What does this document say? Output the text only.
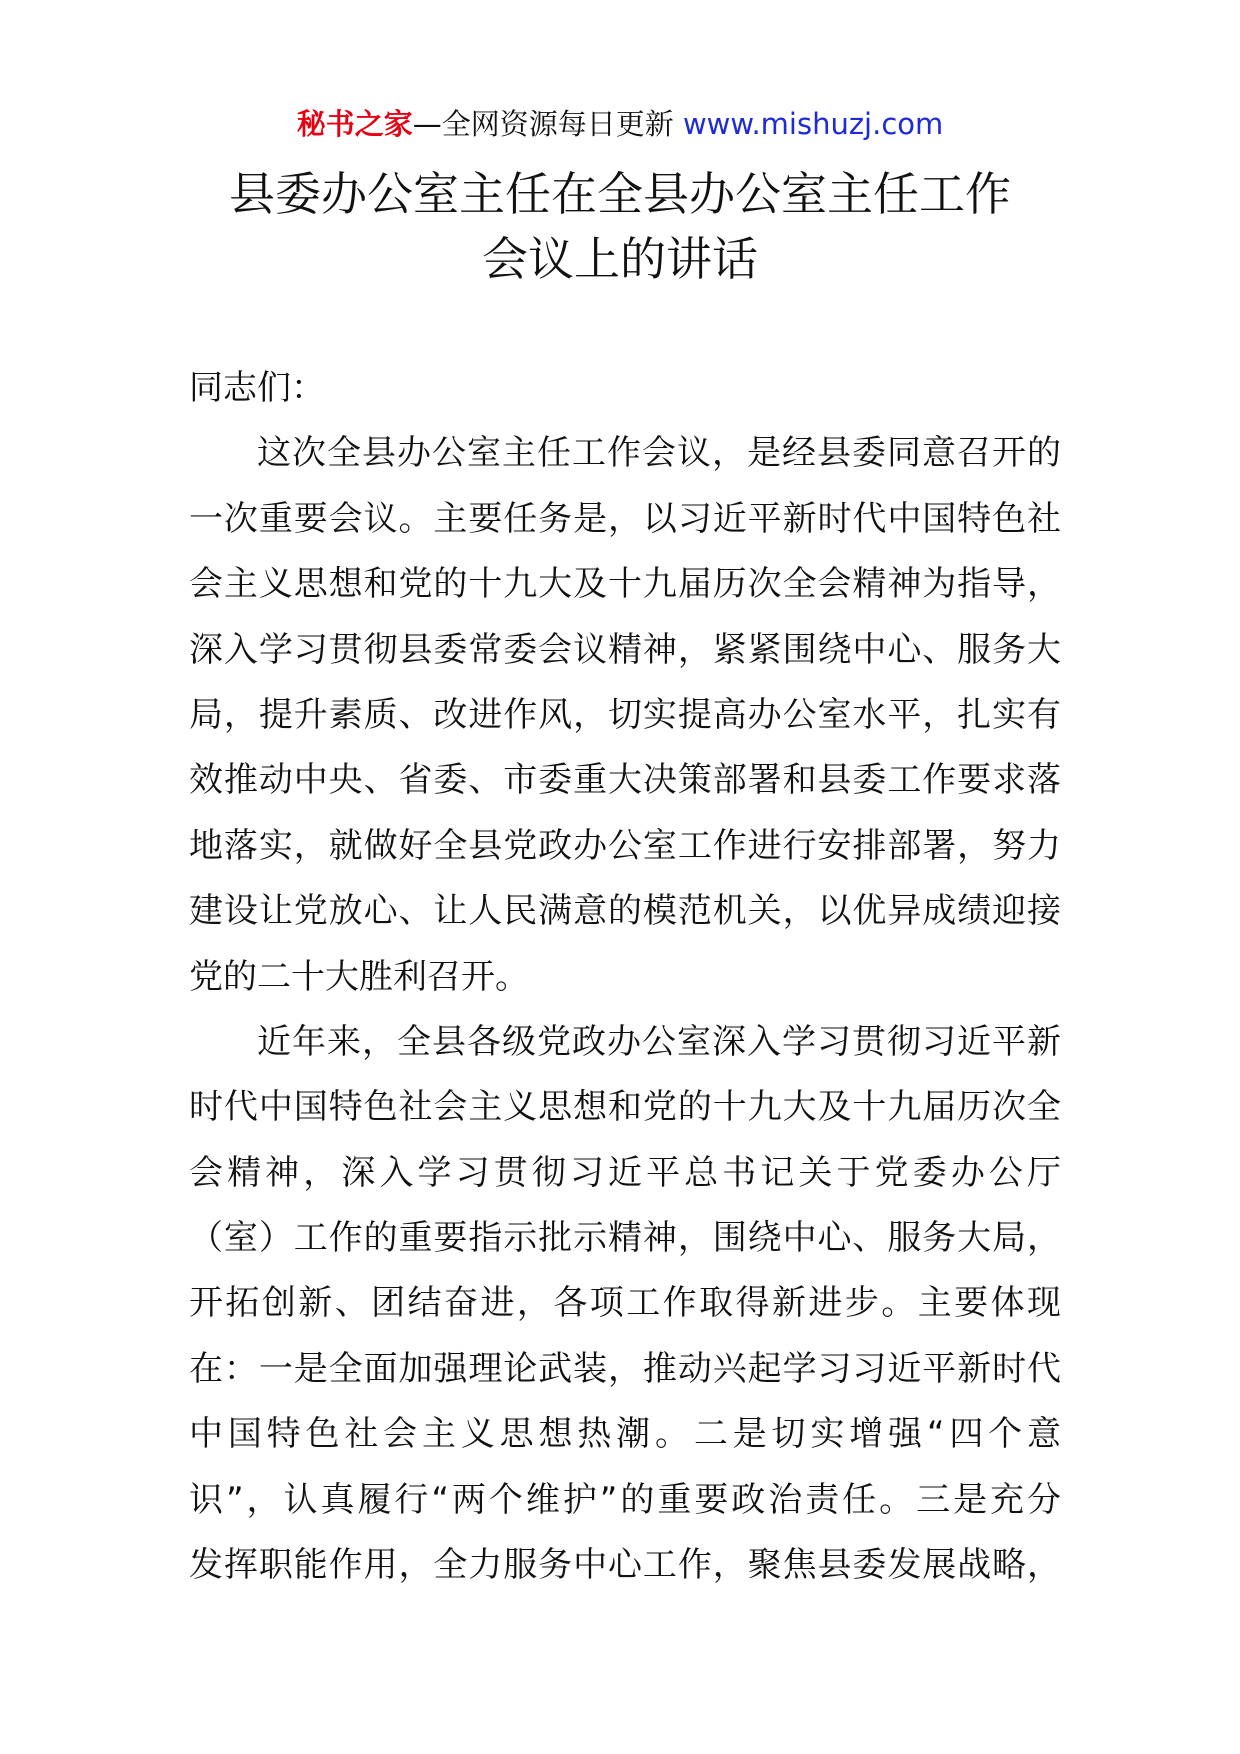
秘书之家—全网资源每日更新 www.mishuzj.com
县委办公室主任在全县办公室主任工作
会议上的讲话
同志们：
这次全县办公室主任工作会议，是经县委同意召开的
一次重要会议。主要任务是，以习近平新时代中国特色社
会主义思想和党的十九大及十九届历次全会精神为指导，
深入学习贯彻县委常委会议精神，紧紧围绕中心、服务大
局，提升素质、改进作风，切实提高办公室水平，扎实有
效推动中央、省委、市委重大决策部署和县委工作要求落
地落实，就做好全县党政办公室工作进行安排部署，努力
建设让党放心、让人民满意的模范机关，以优异成绩迎接
党的二十大胜利召开。
近年来，全县各级党政办公室深入学习贯彻习近平新
时代中国特色社会主义思想和党的十九大及十九届历次全
会精神，深入学习贯彻习近平总书记关于党委办公厅
（室）工作的重要指示批示精神，围绕中心、服务大局，
开拓创新、团结奋进，各项工作取得新进步。主要体现
在：一是全面加强理论武装，推动兴起学习习近平新时代
中国特色社会主义思想热潮。二是切实增强“四个意
识”，认真履行“两个维护”的重要政治责任。三是充分
发挥职能作用，全力服务中心工作，聚焦县委发展战略，
